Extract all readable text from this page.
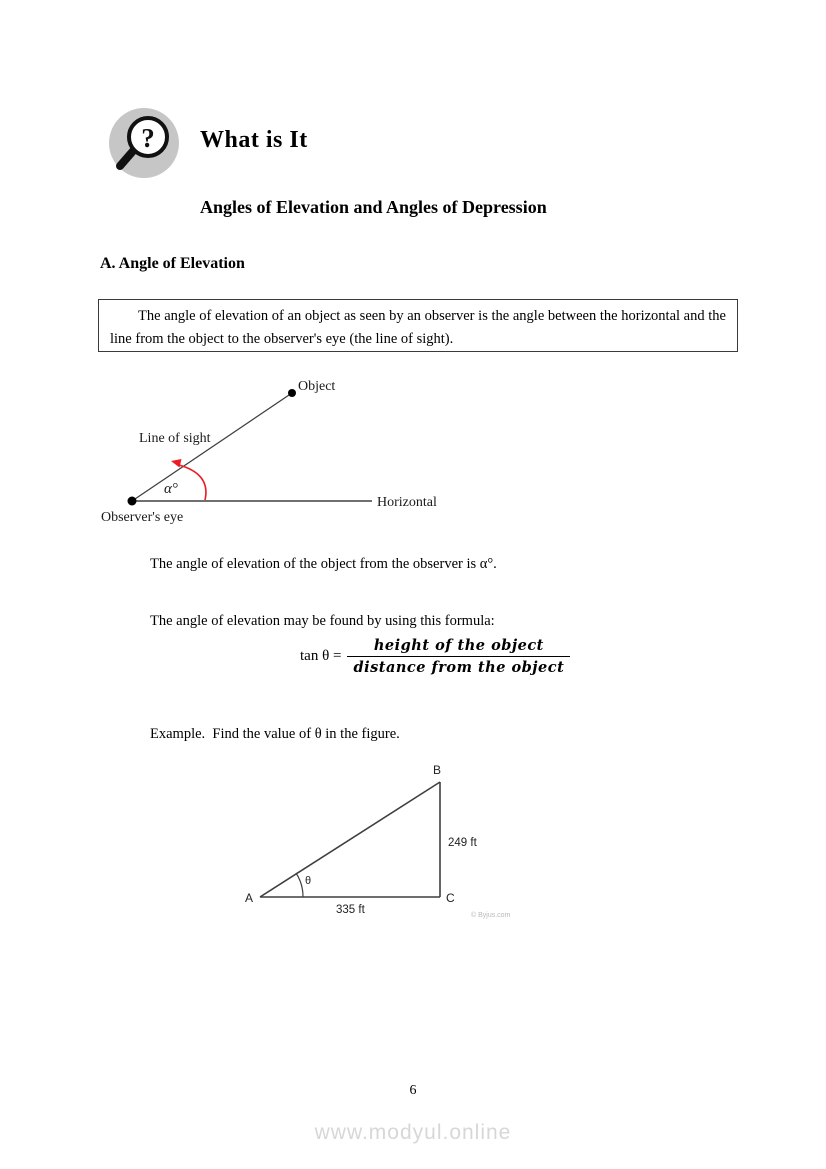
? What is It
Angles of Elevation and Angles of Depression
A. Angle of Elevation

The angle of elevation of an object as seen by an observer is the angle between the horizontal and the line from the object to the observer's eye (the line of sight).

Object
Line of sight
Horizontal
Observer's eye
α°
The angle of elevation of the object from the observer is α°.
The angle of elevation may be found by using this formula:
$\tan \theta = \frac{\text{height of the object}}{\text{distance from the object}}$
Example.  Find the value of θ in the figure.
A
B
C
249 ft
335 ft
θ
© Byjus.com
6
www.modyul.online
